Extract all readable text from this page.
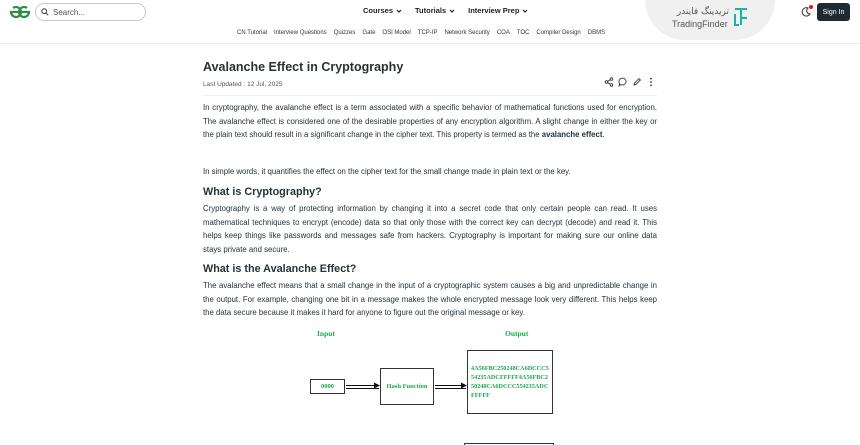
Search...
Courses	Tutorials	Interview Prep	تریدینگ فایندر
TradingFinder
Sign In
CN Tutorial Interview Questions Quizzes Gate OSI Model TCP-IP Network Security COA TOC Compiler Design DBMS
Avalanche Effect in Cryptography
Last Updated : 12 Jul, 2025

In cryptography, the avalanche effect is a term associated with a specific behavior of mathematical functions used for encryption. The avalanche effect is considered one of the desirable properties of any encryption algorithm. A slight change in either the key or the plain text should result in a significant change in the cipher text. This property is termed as the avalanche effect.

In simple words, it quantifies the effect on the cipher text for the small change made in plain text or the key.

What is Cryptography?

Cryptography is a way of protecting information by changing it into a secret code that only certain people can read. It uses mathematical techniques to encrypt (encode) data so that only those with the correct key can decrypt (decode) and read it. This helps keep things like passwords and messages safe from hackers. Cryptography is important for making sure our online data stays private and secure.

What is the Avalanche Effect?

The avalanche effect means that a small change in the input of a cryptographic system causes a big and unpredictable change in the output. For example, changing one bit in a message makes the whole encrypted message look very different. This helps keep the data secure because it makes it hard for anyone to figure out the original message or key.

Input	Output
0000	Hash Function
4A56FBC250248CA6DCCC554235ADCFFFFF4A56FBC250248CA6DCCC554235ADCFFFFF
